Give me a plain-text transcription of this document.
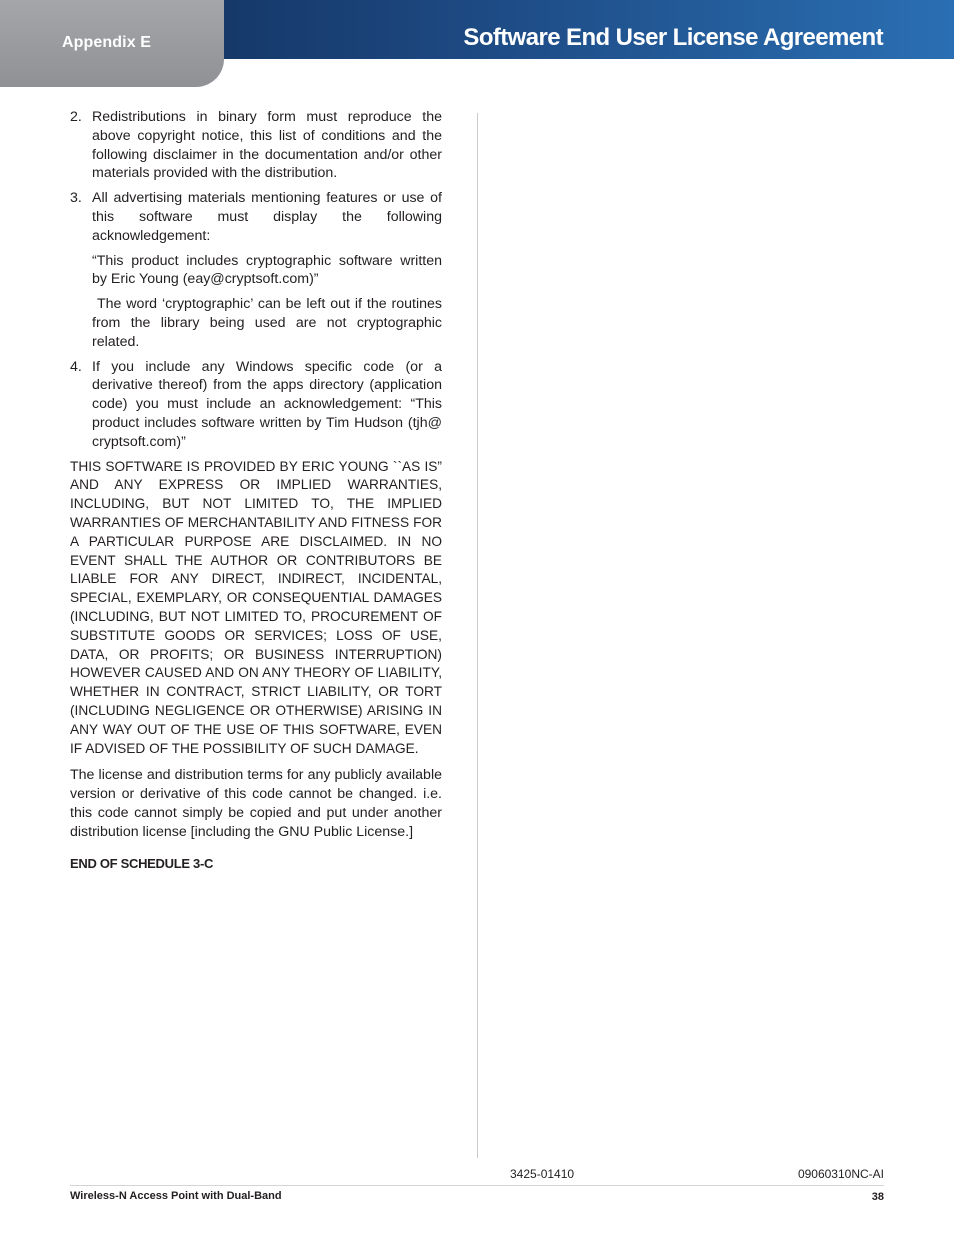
Software End User License Agreement
Appendix E
2. Redistributions in binary form must reproduce the above copyright notice, this list of conditions and the following disclaimer in the documentation and/or other materials provided with the distribution.

3. All advertising materials mentioning features or use of this software must display the following acknowledgement:

“This product includes cryptographic software written by Eric Young (eay@cryptsoft.com)”

The word ‘cryptographic’ can be left out if the routines from the library being used are not cryptographic related.

4. If you include any Windows specific code (or a derivative thereof) from the apps directory (application code) you must include an acknowledgement: “This product includes software written by Tim Hudson (tjh@ cryptsoft.com)”

THIS SOFTWARE IS PROVIDED BY ERIC YOUNG ``AS IS” AND ANY EXPRESS OR IMPLIED WARRANTIES, INCLUDING, BUT NOT LIMITED TO, THE IMPLIED WARRANTIES OF MERCHANTABILITY AND FITNESS FOR A PARTICULAR PURPOSE ARE DISCLAIMED. IN NO EVENT SHALL THE AUTHOR OR CONTRIBUTORS BE LIABLE FOR ANY DIRECT, INDIRECT, INCIDENTAL, SPECIAL, EXEMPLARY, OR CONSEQUENTIAL DAMAGES (INCLUDING, BUT NOT LIMITED TO, PROCUREMENT OF SUBSTITUTE GOODS OR SERVICES; LOSS OF USE, DATA, OR PROFITS; OR BUSINESS INTERRUPTION) HOWEVER CAUSED AND ON ANY THEORY OF LIABILITY, WHETHER IN CONTRACT, STRICT LIABILITY, OR TORT (INCLUDING NEGLIGENCE OR OTHERWISE) ARISING IN ANY WAY OUT OF THE USE OF THIS SOFTWARE, EVEN IF ADVISED OF THE POSSIBILITY OF SUCH DAMAGE.

The license and distribution terms for any publicly available version or derivative of this code cannot be changed. i.e. this code cannot simply be copied and put under another distribution license [including the GNU Public License.]

END OF SCHEDULE 3-C

3425-01410	09060310NC-AI
Wireless-N Access Point with Dual-Band	38
